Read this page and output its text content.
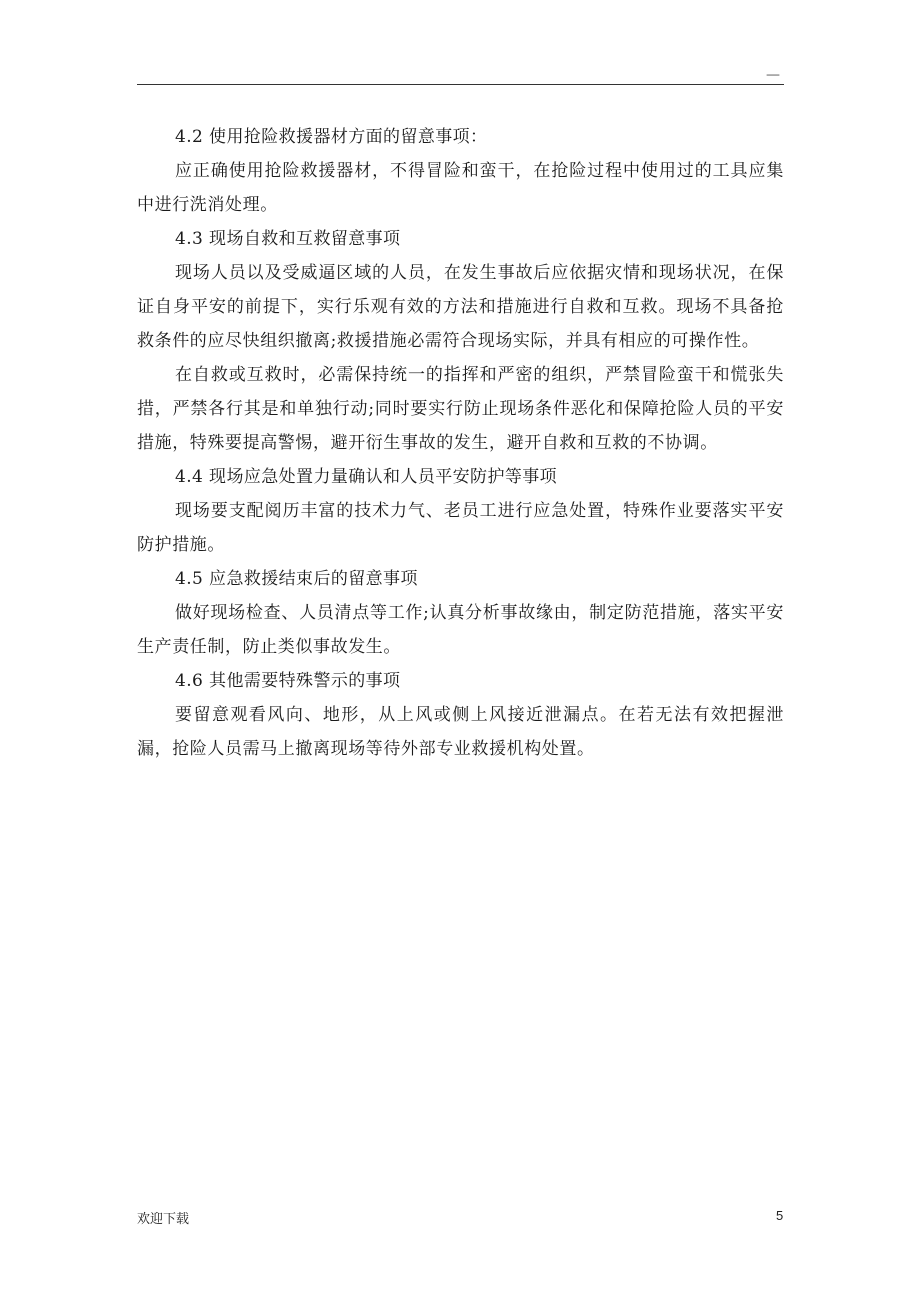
—

4.2 使用抢险救援器材方面的留意事项：

应正确使用抢险救援器材，不得冒险和蛮干，在抢险过程中使用过的工具应集中进行洗消处理。

4.3 现场自救和互救留意事项

现场人员以及受威逼区域的人员，在发生事故后应依据灾情和现场状况，在保证自身平安的前提下，实行乐观有效的方法和措施进行自救和互救。现场不具备抢救条件的应尽快组织撤离;救援措施必需符合现场实际，并具有相应的可操作性。

在自救或互救时，必需保持统一的指挥和严密的组织，严禁冒险蛮干和慌张失措，严禁各行其是和单独行动;同时要实行防止现场条件恶化和保障抢险人员的平安措施，特殊要提高警惕，避开衍生事故的发生，避开自救和互救的不协调。

4.4 现场应急处置力量确认和人员平安防护等事项

现场要支配阅历丰富的技术力气、老员工进行应急处置，特殊作业要落实平安防护措施。

4.5 应急救援结束后的留意事项

做好现场检查、人员清点等工作;认真分析事故缘由，制定防范措施，落实平安生产责任制，防止类似事故发生。

4.6 其他需要特殊警示的事项

要留意观看风向、地形，从上风或侧上风接近泄漏点。在若无法有效把握泄漏，抢险人员需马上撤离现场等待外部专业救援机构处置。

欢迎下载	5
